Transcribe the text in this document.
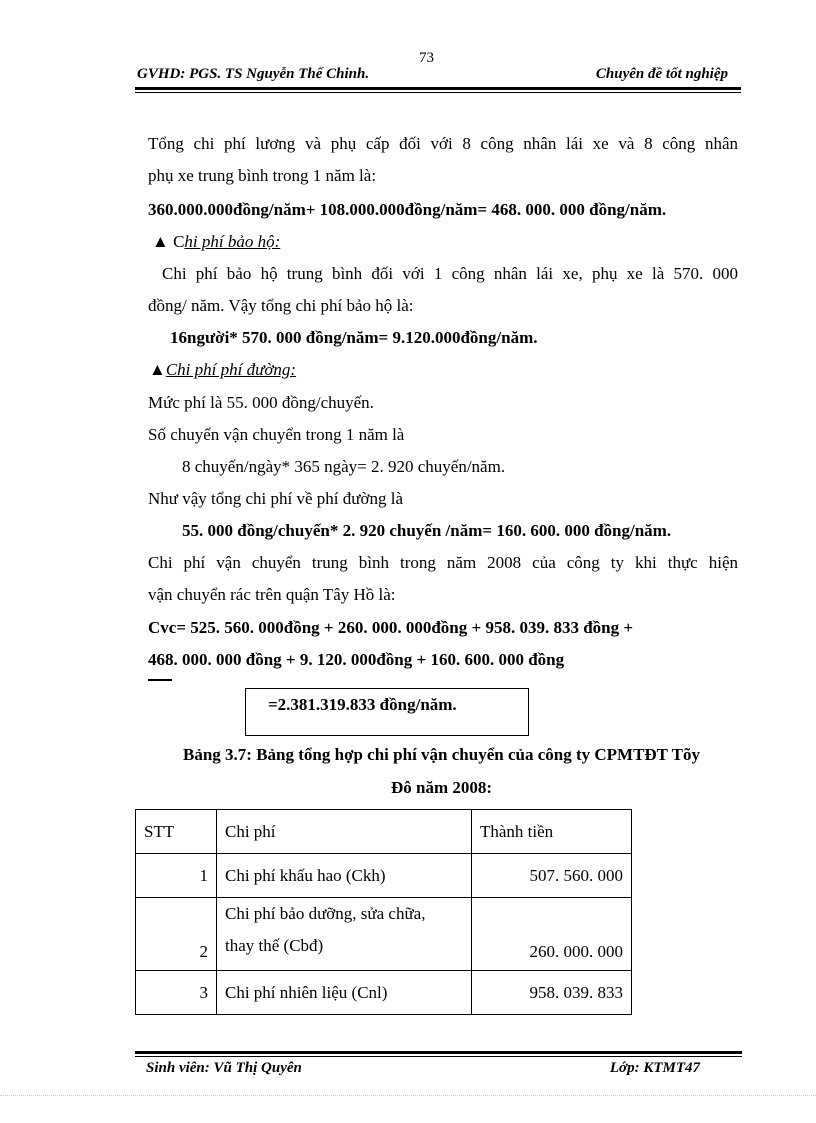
73
GVHD: PGS. TS Nguyễn Thế Chinh.	Chuyên đề tốt nghiệp
Tổng chi phí lương và phụ cấp đối với 8 công nhân lái xe và 8 công nhân
phụ xe trung bình trong 1 năm là:
360.000.000đồng/năm+ 108.000.000đồng/năm= 468. 000. 000 đồng/năm.
▲ Chi phí bảo hộ:
Chi phí bảo hộ trung bình đối với 1 công nhân lái xe, phụ xe là 570. 000
đồng/ năm. Vậy tổng chi phí bảo hộ là:
16người* 570. 000 đồng/năm= 9.120.000đồng/năm.
▲Chi phí phí đường:
Mức phí là 55. 000 đồng/chuyến.
Số chuyến vận chuyển trong 1 năm là
8 chuyến/ngày* 365 ngày= 2. 920 chuyến/năm.
Như vậy tổng chi phí về phí đường là
55. 000 đồng/chuyến* 2. 920 chuyến /năm= 160. 600. 000 đồng/năm.
Chi phí vận chuyển trung bình trong năm 2008 của công ty khi thực hiện
vận chuyển rác trên quận Tây Hồ là:
Cvc= 525. 560. 000đồng + 260. 000. 000đồng + 958. 039. 833 đồng +
468. 000. 000 đồng + 9. 120. 000đồng + 160. 600. 000 đồng
=2.381.319.833 đồng/năm.
Bảng 3.7: Bảng tổng hợp chi phí vận chuyển của công ty CPMTĐT Tõy
Đô năm 2008:
STT	Chi phí	Thành tiền
1	Chi phí khấu hao (Ckh)	507. 560. 000
2	Chi phí bảo dưỡng, sửa chữa,
thay thế (Cbđ)	260. 000. 000
3	Chi phí nhiên liệu (Cnl)	958. 039. 833
Sinh viên: Vũ Thị Quyên	Lớp: KTMT47
